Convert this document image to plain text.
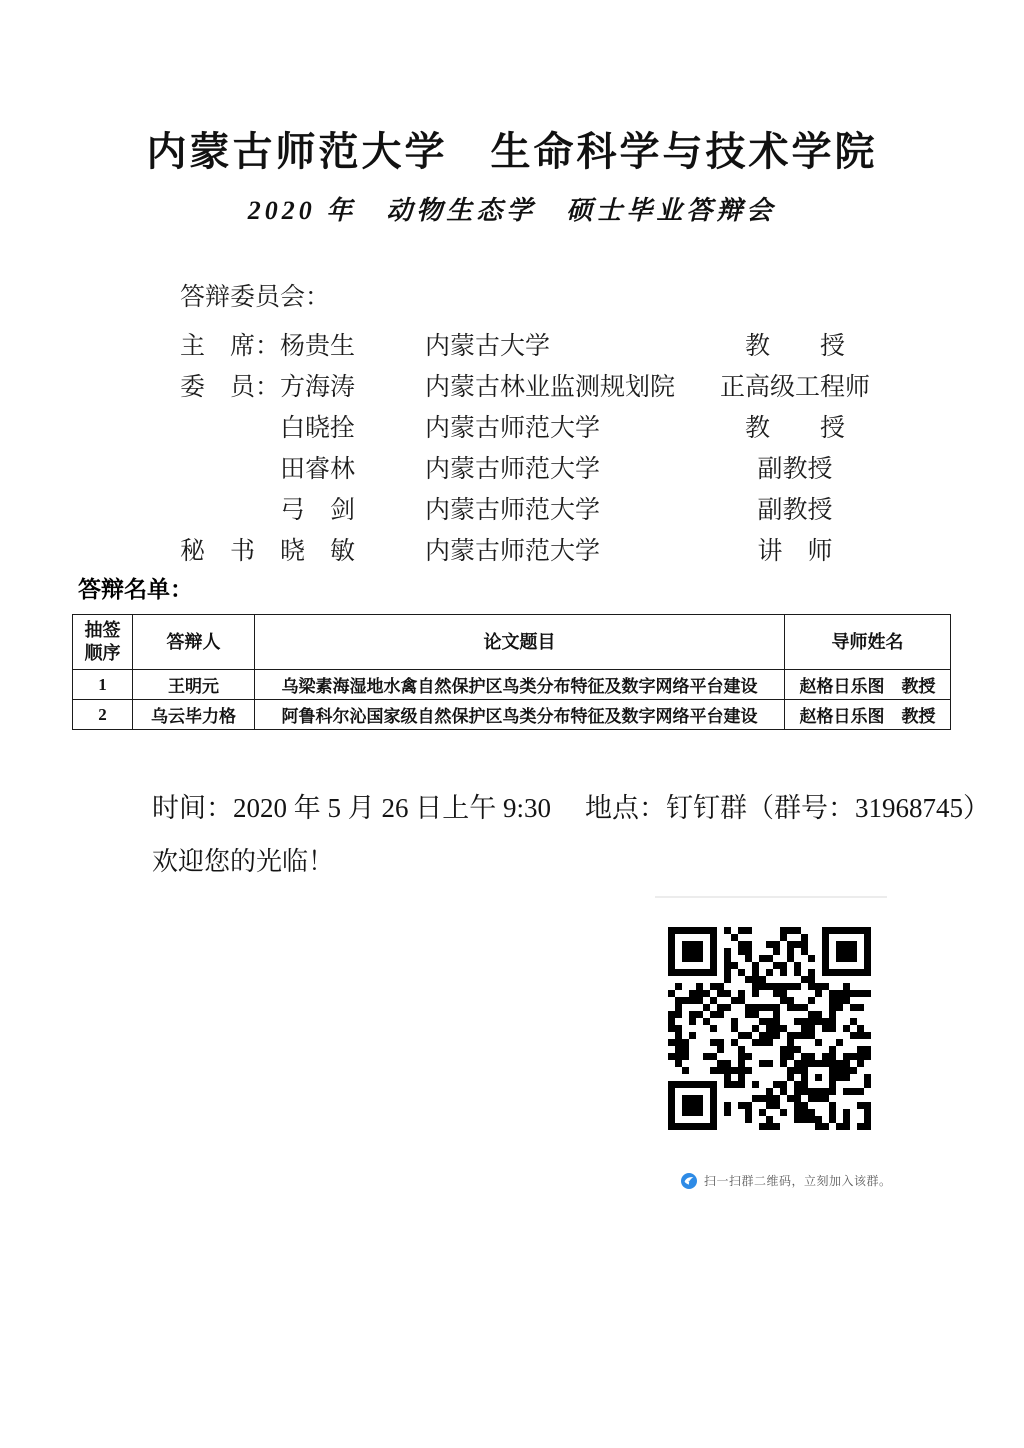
内蒙古师范大学　生命科学与技术学院
2020 年　动物生态学　硕士毕业答辩会
答辩委员会：
主　席： 杨贵生	内蒙古大学	教　　授
委　员： 方海涛	内蒙古林业监测规划院	正高级工程师
白晓拴	内蒙古师范大学	教　　授
田睿林	内蒙古师范大学	副教授
弓　剑	内蒙古师范大学	副教授
秘　书 晓　敏	内蒙古师范大学	讲　师
答辩名单：
抽签顺序	答辩人	论文题目	导师姓名
1	王明元	乌梁素海湿地水禽自然保护区鸟类分布特征及数字网络平台建设	赵格日乐图　教授
2	乌云毕力格	阿鲁科尔沁国家级自然保护区鸟类分布特征及数字网络平台建设	赵格日乐图　教授
时间：2020 年 5 月 26 日上午 9:30 地点：钉钉群（群号：31968745）
欢迎您的光临！
扫一扫群二维码，立刻加入该群。
